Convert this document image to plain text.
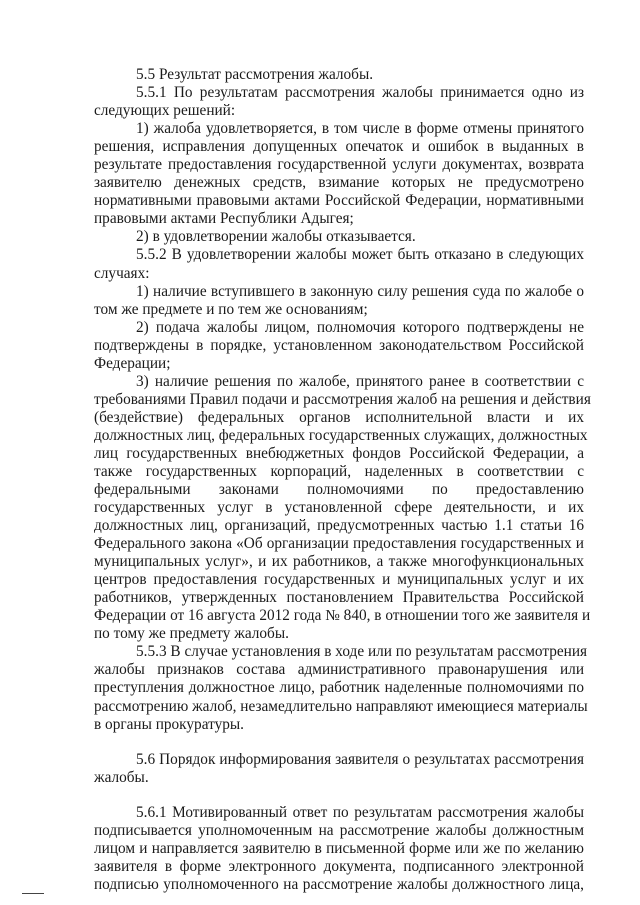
5.5 Результат рассмотрения жалобы.
5.5.1 По результатам рассмотрения жалобы принимается одно из
следующих решений:
1) жалоба удовлетворяется, в том числе в форме отмены принятого
решения, исправления допущенных опечаток и ошибок в выданных в
результате предоставления государственной услуги документах, возврата
заявителю денежных средств, взимание которых не предусмотрено
нормативными правовыми актами Российской Федерации, нормативными
правовыми актами Республики Адыгея;
2) в удовлетворении жалобы отказывается.
5.5.2 В удовлетворении жалобы может быть отказано в следующих
случаях:
1) наличие вступившего в законную силу решения суда по жалобе о
том же предмете и по тем же основаниям;
2) подача жалобы лицом, полномочия которого подтверждены не
подтверждены в порядке, установленном законодательством Российской
Федерации;
3) наличие решения по жалобе, принятого ранее в соответствии с
требованиями Правил подачи и рассмотрения жалоб на решения и действия
(бездействие) федеральных органов исполнительной власти и их
должностных лиц, федеральных государственных служащих, должностных
лиц государственных внебюджетных фондов Российской Федерации, а
также государственных корпораций, наделенных в соответствии с
федеральными законами полномочиями по предоставлению
государственных услуг в установленной сфере деятельности, и их
должностных лиц, организаций, предусмотренных частью 1.1 статьи 16
Федерального закона «Об организации предоставления государственных и
муниципальных услуг», и их работников, а также многофункциональных
центров предоставления государственных и муниципальных услуг и их
работников, утвержденных постановлением Правительства Российской
Федерации от 16 августа 2012 года № 840, в отношении того же заявителя и
по тому же предмету жалобы.
5.5.3 В случае установления в ходе или по результатам рассмотрения
жалобы признаков состава административного правонарушения или
преступления должностное лицо, работник наделенные полномочиями по
рассмотрению жалоб, незамедлительно направляют имеющиеся материалы
в органы прокуратуры.
5.6 Порядок информирования заявителя о результатах рассмотрения
жалобы.
5.6.1 Мотивированный ответ по результатам рассмотрения жалобы
подписывается уполномоченным на рассмотрение жалобы должностным
лицом и направляется заявителю в письменной форме или же по желанию
заявителя в форме электронного документа, подписанного электронной
подписью уполномоченного на рассмотрение жалобы должностного лица,
